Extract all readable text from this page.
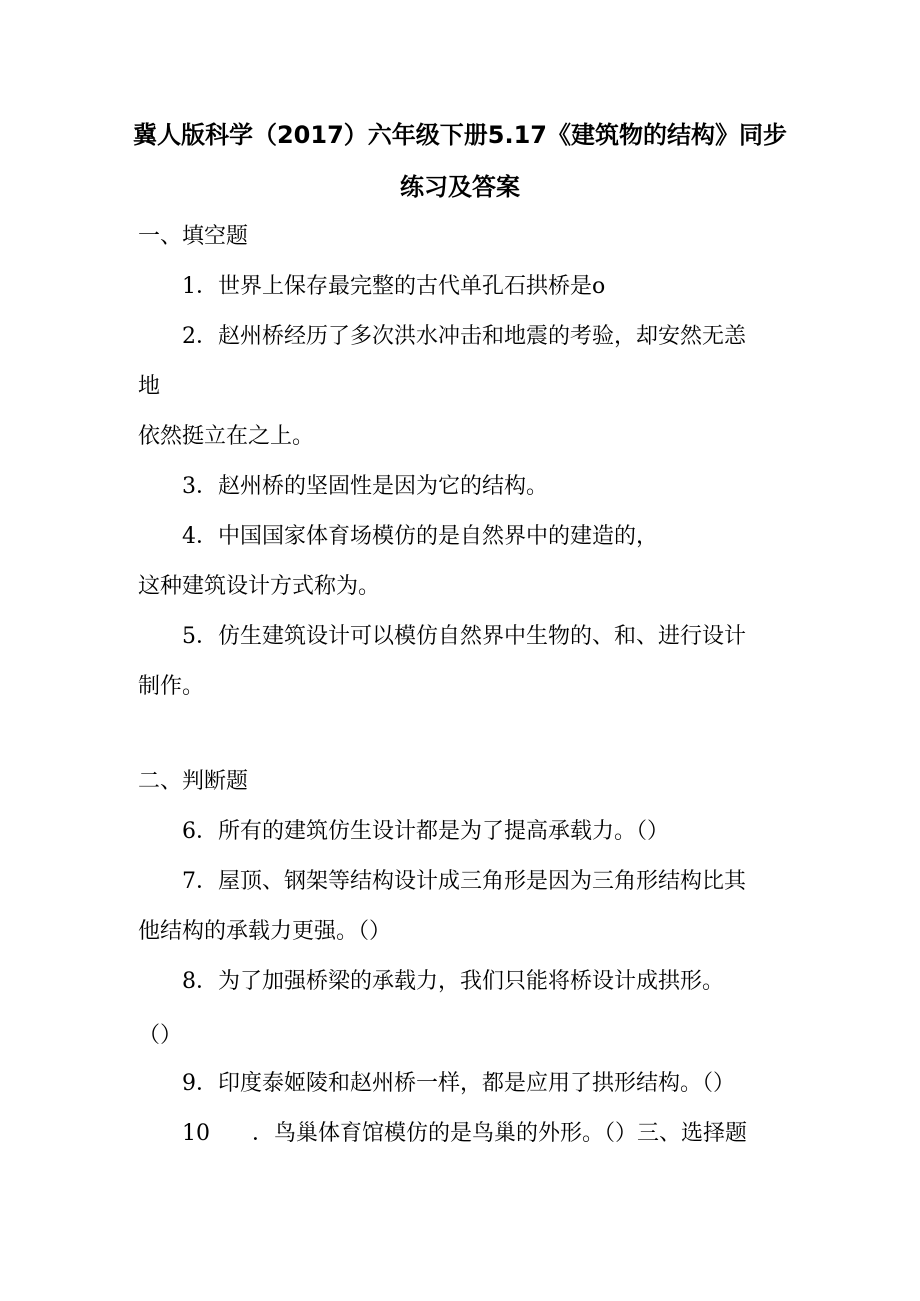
冀人版科学（2017）六年级下册5.17《建筑物的结构》同步
练习及答案
一、填空题
1．世界上保存最完整的古代单孔石拱桥是o
2．赵州桥经历了多次洪水冲击和地震的考验，却安然无恙
地
依然挺立在之上。
3．赵州桥的坚固性是因为它的结构。
4．中国国家体育场模仿的是自然界中的建造的，
这种建筑设计方式称为。
5．仿生建筑设计可以模仿自然界中生物的、和、进行设计
制作。
二、判断题
6．所有的建筑仿生设计都是为了提高承载力。（）
7．屋顶、钢架等结构设计成三角形是因为三角形结构比其
他结构的承载力更强。（）
8．为了加强桥梁的承载力，我们只能将桥设计成拱形。
（）
9．印度泰姬陵和赵州桥一样，都是应用了拱形结构。（）
10 ．鸟巢体育馆模仿的是鸟巢的外形。（）三、选择题
